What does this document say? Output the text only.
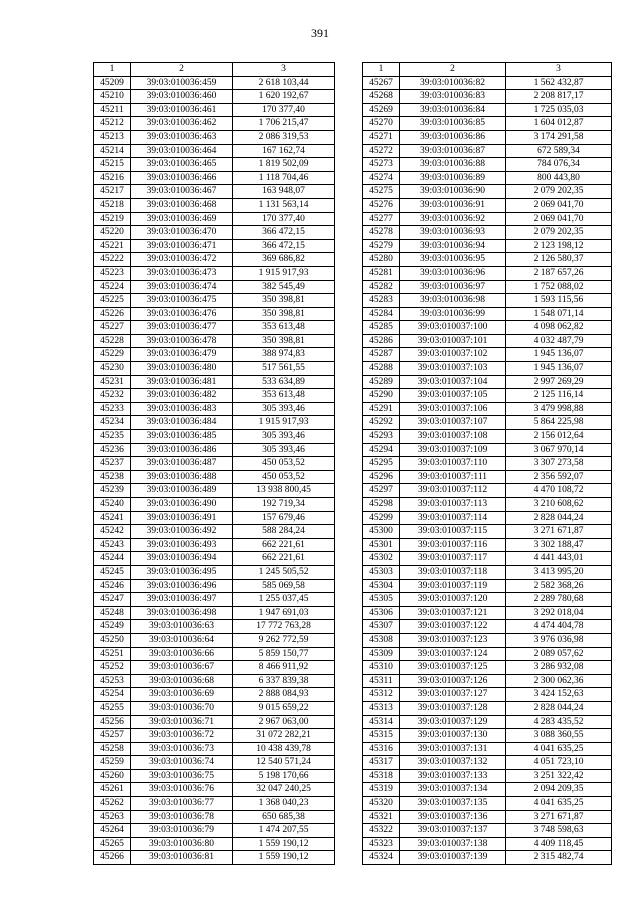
391
1	2	3
45209	39:03:010036:459	2 618 103,44
45210	39:03:010036:460	1 620 192,67
45211	39:03:010036:461	170 377,40
45212	39:03:010036:462	1 706 215,47
45213	39:03:010036:463	2 086 319,53
45214	39:03:010036:464	167 162,74
45215	39:03:010036:465	1 819 502,09
45216	39:03:010036:466	1 118 704,46
45217	39:03:010036:467	163 948,07
45218	39:03:010036:468	1 131 563,14
45219	39:03:010036:469	170 377,40
45220	39:03:010036:470	366 472,15
45221	39:03:010036:471	366 472,15
45222	39:03:010036:472	369 686,82
45223	39:03:010036:473	1 915 917,93
45224	39:03:010036:474	382 545,49
45225	39:03:010036:475	350 398,81
45226	39:03:010036:476	350 398,81
45227	39:03:010036:477	353 613,48
45228	39:03:010036:478	350 398,81
45229	39:03:010036:479	388 974,83
45230	39:03:010036:480	517 561,55
45231	39:03:010036:481	533 634,89
45232	39:03:010036:482	353 613,48
45233	39:03:010036:483	305 393,46
45234	39:03:010036:484	1 915 917,93
45235	39:03:010036:485	305 393,46
45236	39:03:010036:486	305 393,46
45237	39:03:010036:487	450 053,52
45238	39:03:010036:488	450 053,52
45239	39:03:010036:489	13 938 800,45
45240	39:03:010036:490	192 719,34
45241	39:03:010036:491	157 679,46
45242	39:03:010036:492	588 284,24
45243	39:03:010036:493	662 221,61
45244	39:03:010036:494	662 221,61
45245	39:03:010036:495	1 245 505,52
45246	39:03:010036:496	585 069,58
45247	39:03:010036:497	1 255 037,45
45248	39:03:010036:498	1 947 691,03
45249	39:03:010036:63	17 772 763,28
45250	39:03:010036:64	9 262 772,59
45251	39:03:010036:66	5 859 150,77
45252	39:03:010036:67	8 466 911,92
45253	39:03:010036:68	6 337 839,38
45254	39:03:010036:69	2 888 084,93
45255	39:03:010036:70	9 015 659,22
45256	39:03:010036:71	2 967 063,00
45257	39:03:010036:72	31 072 282,21
45258	39:03:010036:73	10 438 439,78
45259	39:03:010036:74	12 540 571,24
45260	39:03:010036:75	5 198 170,66
45261	39:03:010036:76	32 047 240,25
45262	39:03:010036:77	1 368 040,23
45263	39:03:010036:78	650 685,38
45264	39:03:010036:79	1 474 207,55
45265	39:03:010036:80	1 559 190,12
45266	39:03:010036:81	1 559 190,12
1	2	3
45267	39:03:010036:82	1 562 432,87
45268	39:03:010036:83	2 208 817,17
45269	39:03:010036:84	1 725 035,03
45270	39:03:010036:85	1 604 012,87
45271	39:03:010036:86	3 174 291,58
45272	39:03:010036:87	672 589,34
45273	39:03:010036:88	784 076,34
45274	39:03:010036:89	800 443,80
45275	39:03:010036:90	2 079 202,35
45276	39:03:010036:91	2 069 041,70
45277	39:03:010036:92	2 069 041,70
45278	39:03:010036:93	2 079 202,35
45279	39:03:010036:94	2 123 198,12
45280	39:03:010036:95	2 126 580,37
45281	39:03:010036:96	2 187 657,26
45282	39:03:010036:97	1 752 088,02
45283	39:03:010036:98	1 593 115,56
45284	39:03:010036:99	1 548 071,14
45285	39:03:010037:100	4 098 062,82
45286	39:03:010037:101	4 032 487,79
45287	39:03:010037:102	1 945 136,07
45288	39:03:010037:103	1 945 136,07
45289	39:03:010037:104	2 997 269,29
45290	39:03:010037:105	2 125 116,14
45291	39:03:010037:106	3 479 998,88
45292	39:03:010037:107	5 864 225,98
45293	39:03:010037:108	2 156 012,64
45294	39:03:010037:109	3 067 970,14
45295	39:03:010037:110	3 307 273,58
45296	39:03:010037:111	2 356 592,07
45297	39:03:010037:112	4 470 108,72
45298	39:03:010037:113	3 210 608,62
45299	39:03:010037:114	2 828 044,24
45300	39:03:010037:115	3 271 671,87
45301	39:03:010037:116	3 302 188,47
45302	39:03:010037:117	4 441 443,01
45303	39:03:010037:118	3 413 995,20
45304	39:03:010037:119	2 582 368,26
45305	39:03:010037:120	2 289 780,68
45306	39:03:010037:121	3 292 018,04
45307	39:03:010037:122	4 474 404,78
45308	39:03:010037:123	3 976 036,98
45309	39:03:010037:124	2 089 057,62
45310	39:03:010037:125	3 286 932,08
45311	39:03:010037:126	2 300 062,36
45312	39:03:010037:127	3 424 152,63
45313	39:03:010037:128	2 828 044,24
45314	39:03:010037:129	4 283 435,52
45315	39:03:010037:130	3 088 360,55
45316	39:03:010037:131	4 041 635,25
45317	39:03:010037:132	4 051 723,10
45318	39:03:010037:133	3 251 322,42
45319	39:03:010037:134	2 094 209,35
45320	39:03:010037:135	4 041 635,25
45321	39:03:010037:136	3 271 671,87
45322	39:03:010037:137	3 748 598,63
45323	39:03:010037:138	4 409 118,45
45324	39:03:010037:139	2 315 482,74
